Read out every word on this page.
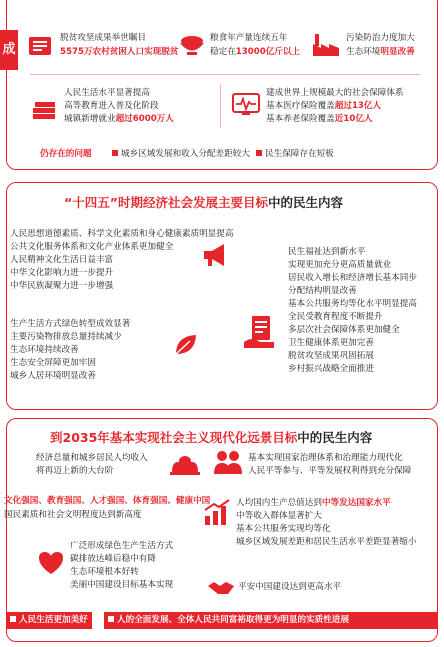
成
脱贫攻坚成果举世瞩目
5575万农村贫困人口实现脱贫
粮食年产量连续五年
稳定在13000亿斤以上
污染防治力度加大
生态环境明显改善
人民生活水平显著提高
高等教育进入普及化阶段
城镇新增就业超过6000万人
建成世界上规模最大的社会保障体系
基本医疗保险覆盖超过13亿人
基本养老保险覆盖近10亿人
仍存在的问题	城乡区域发展和收入分配差距较大	民生保障存在短板
“十四五”时期经济社会发展主要目标中的民生内容
人民思想道德素质、科学文化素质和身心健康素质明显提高
公共文化服务体系和文化产业体系更加健全
人民精神文化生活日益丰富
中华文化影响力进一步提升
中华民族凝聚力进一步增强
生产生活方式绿色转型成效显著
主要污染物排放总量持续减少
生态环境持续改善
生态安全屏障更加牢固
城乡人居环境明显改善
民生福祉达到新水平
实现更加充分更高质量就业
居民收入增长和经济增长基本同步
分配结构明显改善
基本公共服务均等化水平明显提高
全民受教育程度不断提升
多层次社会保障体系更加健全
卫生健康体系更加完善
脱贫攻坚成果巩固拓展
乡村振兴战略全面推进
到2035年基本实现社会主义现代化远景目标中的民生内容
经济总量和城乡居民人均收入
将再迈上新的大台阶
基本实现国家治理体系和治理能力现代化
人民平等参与、平等发展权利得到充分保障
文化强国、教育强国、人才强国、体育强国、健康中国
国民素质和社会文明程度达到新高度
人均国内生产总值达到中等发达国家水平
中等收入群体显著扩大
基本公共服务实现均等化
城乡区域发展差距和居民生活水平差距显著缩小
广泛形成绿色生产生活方式
碳排放达峰后稳中有降
生态环境根本好转
美丽中国建设目标基本实现	平安中国建设达到更高水平
人民生活更加美好	人的全面发展、全体人民共同富裕取得更为明显的实质性进展
